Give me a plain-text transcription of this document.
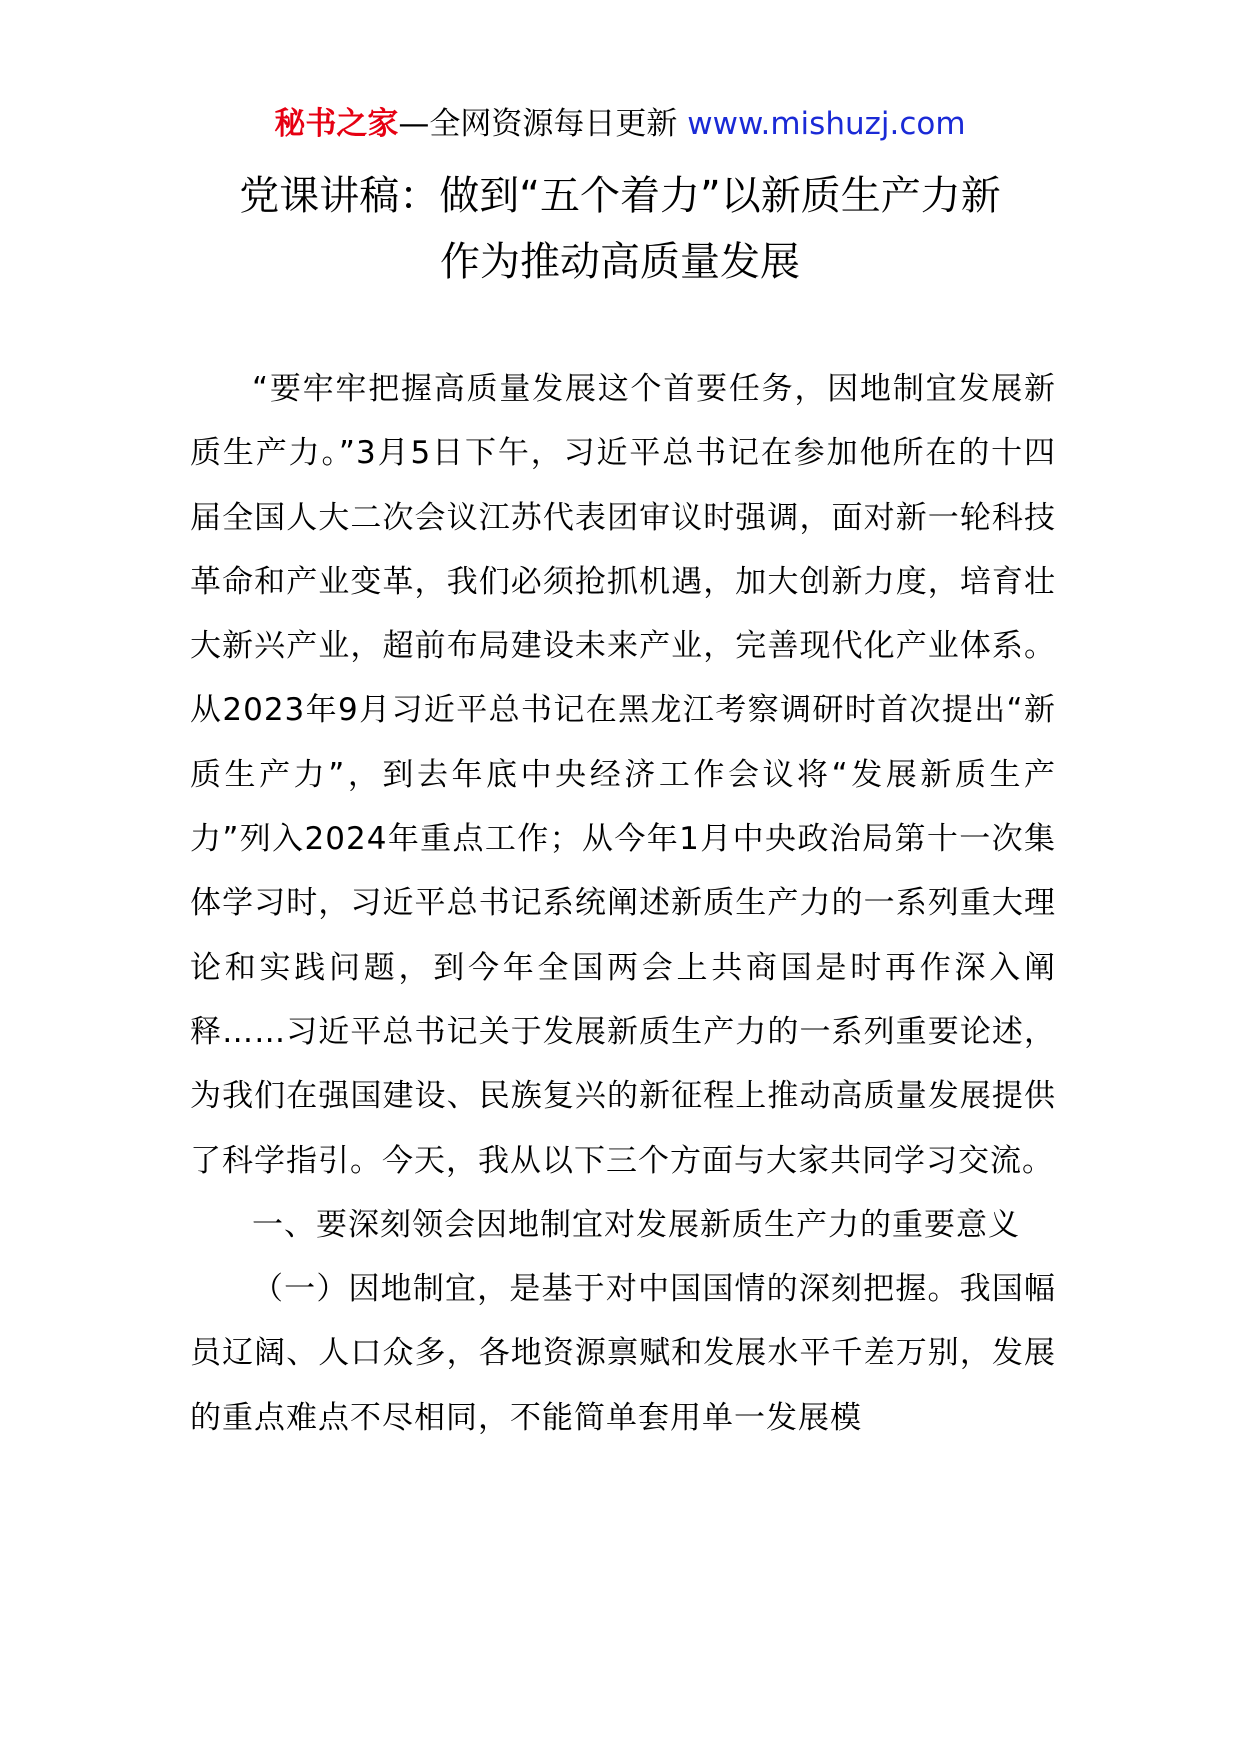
秘书之家—全网资源每日更新 www.mishuzj.com
党课讲稿：做到“五个着力”以新质生产力新
作为推动高质量发展

“要牢牢把握高质量发展这个首要任务，因地制宜发展新质生产力。”3月5日下午，习近平总书记在参加他所在的十四届全国人大二次会议江苏代表团审议时强调，面对新一轮科技革命和产业变革，我们必须抢抓机遇，加大创新力度，培育壮大新兴产业，超前布局建设未来产业，完善现代化产业体系。从2023年9月习近平总书记在黑龙江考察调研时首次提出“新质生产力”，到去年底中央经济工作会议将“发展新质生产力”列入2024年重点工作；从今年1月中央政治局第十一次集体学习时，习近平总书记系统阐述新质生产力的一系列重大理论和实践问题，到今年全国两会上共商国是时再作深入阐释……习近平总书记关于发展新质生产力的一系列重要论述，为我们在强国建设、民族复兴的新征程上推动高质量发展提供了科学指引。今天，我从以下三个方面与大家共同学习交流。

一、要深刻领会因地制宜对发展新质生产力的重要意义

（一）因地制宜，是基于对中国国情的深刻把握。我国幅员辽阔、人口众多，各地资源禀赋和发展水平千差万别，发展的重点难点不尽相同，不能简单套用单一发展模
